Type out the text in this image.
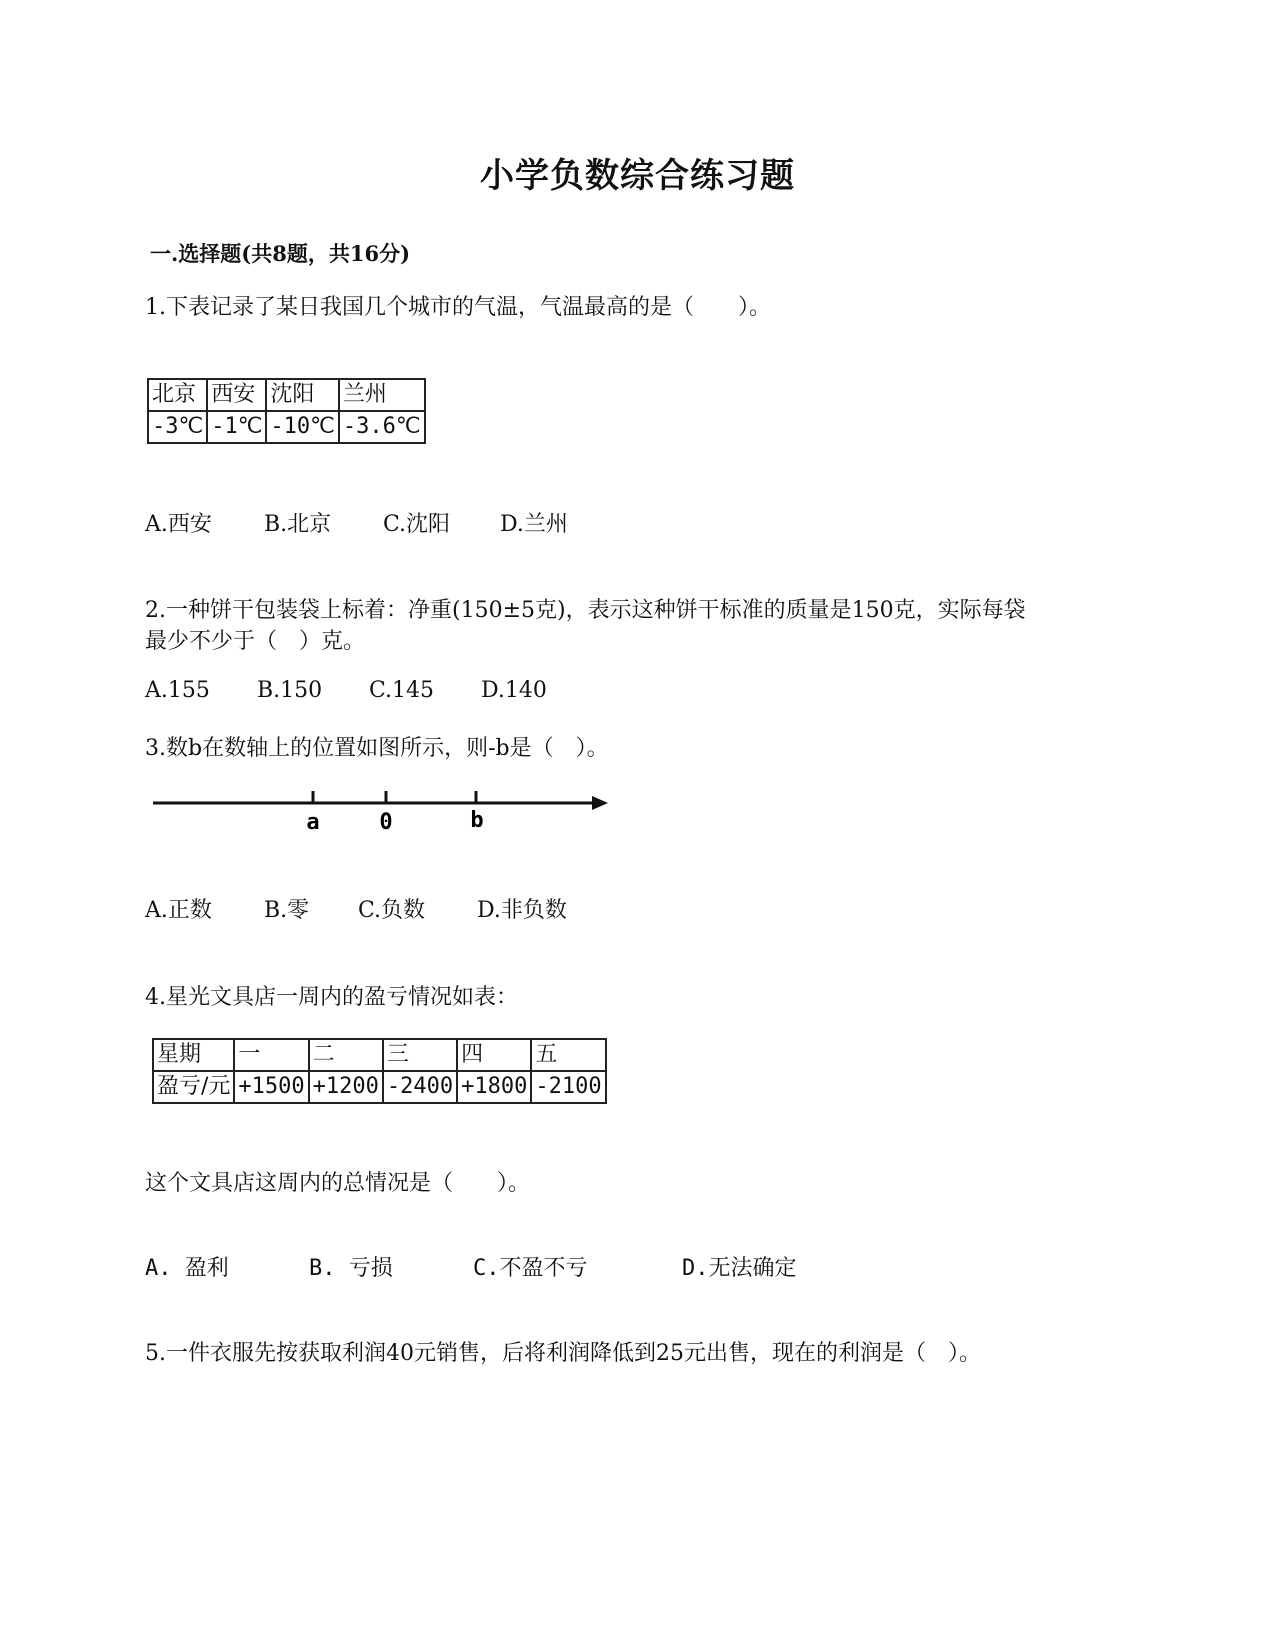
小学负数综合练习题
一.选择题(共8题，共16分)
1.下表记录了某日我国几个城市的气温，气温最高的是（　　）。
北京	西安	沈阳	兰州
-3℃	-1℃	-10℃	-3.6℃
A.西安 B.北京 C.沈阳 D.兰州
2.一种饼干包装袋上标着：净重(150±5克)，表示这种饼干标准的质量是150克，实际每袋
最少不少于（　）克。
A.155 B.150 C.145 D.140
3.数b在数轴上的位置如图所示，则-b是（　）。
a	0	b
A.正数 B.零 C.负数 D.非负数
4.星光文具店一周内的盈亏情况如表：
星期	一	二	三	四	五
盈亏/元	+1500	+1200	-2400	+1800	-2100
这个文具店这周内的总情况是（　　）。
A. 盈利	B. 亏损	C.不盈不亏	D.无法确定
5.一件衣服先按获取利润40元销售，后将利润降低到25元出售，现在的利润是（　）。
